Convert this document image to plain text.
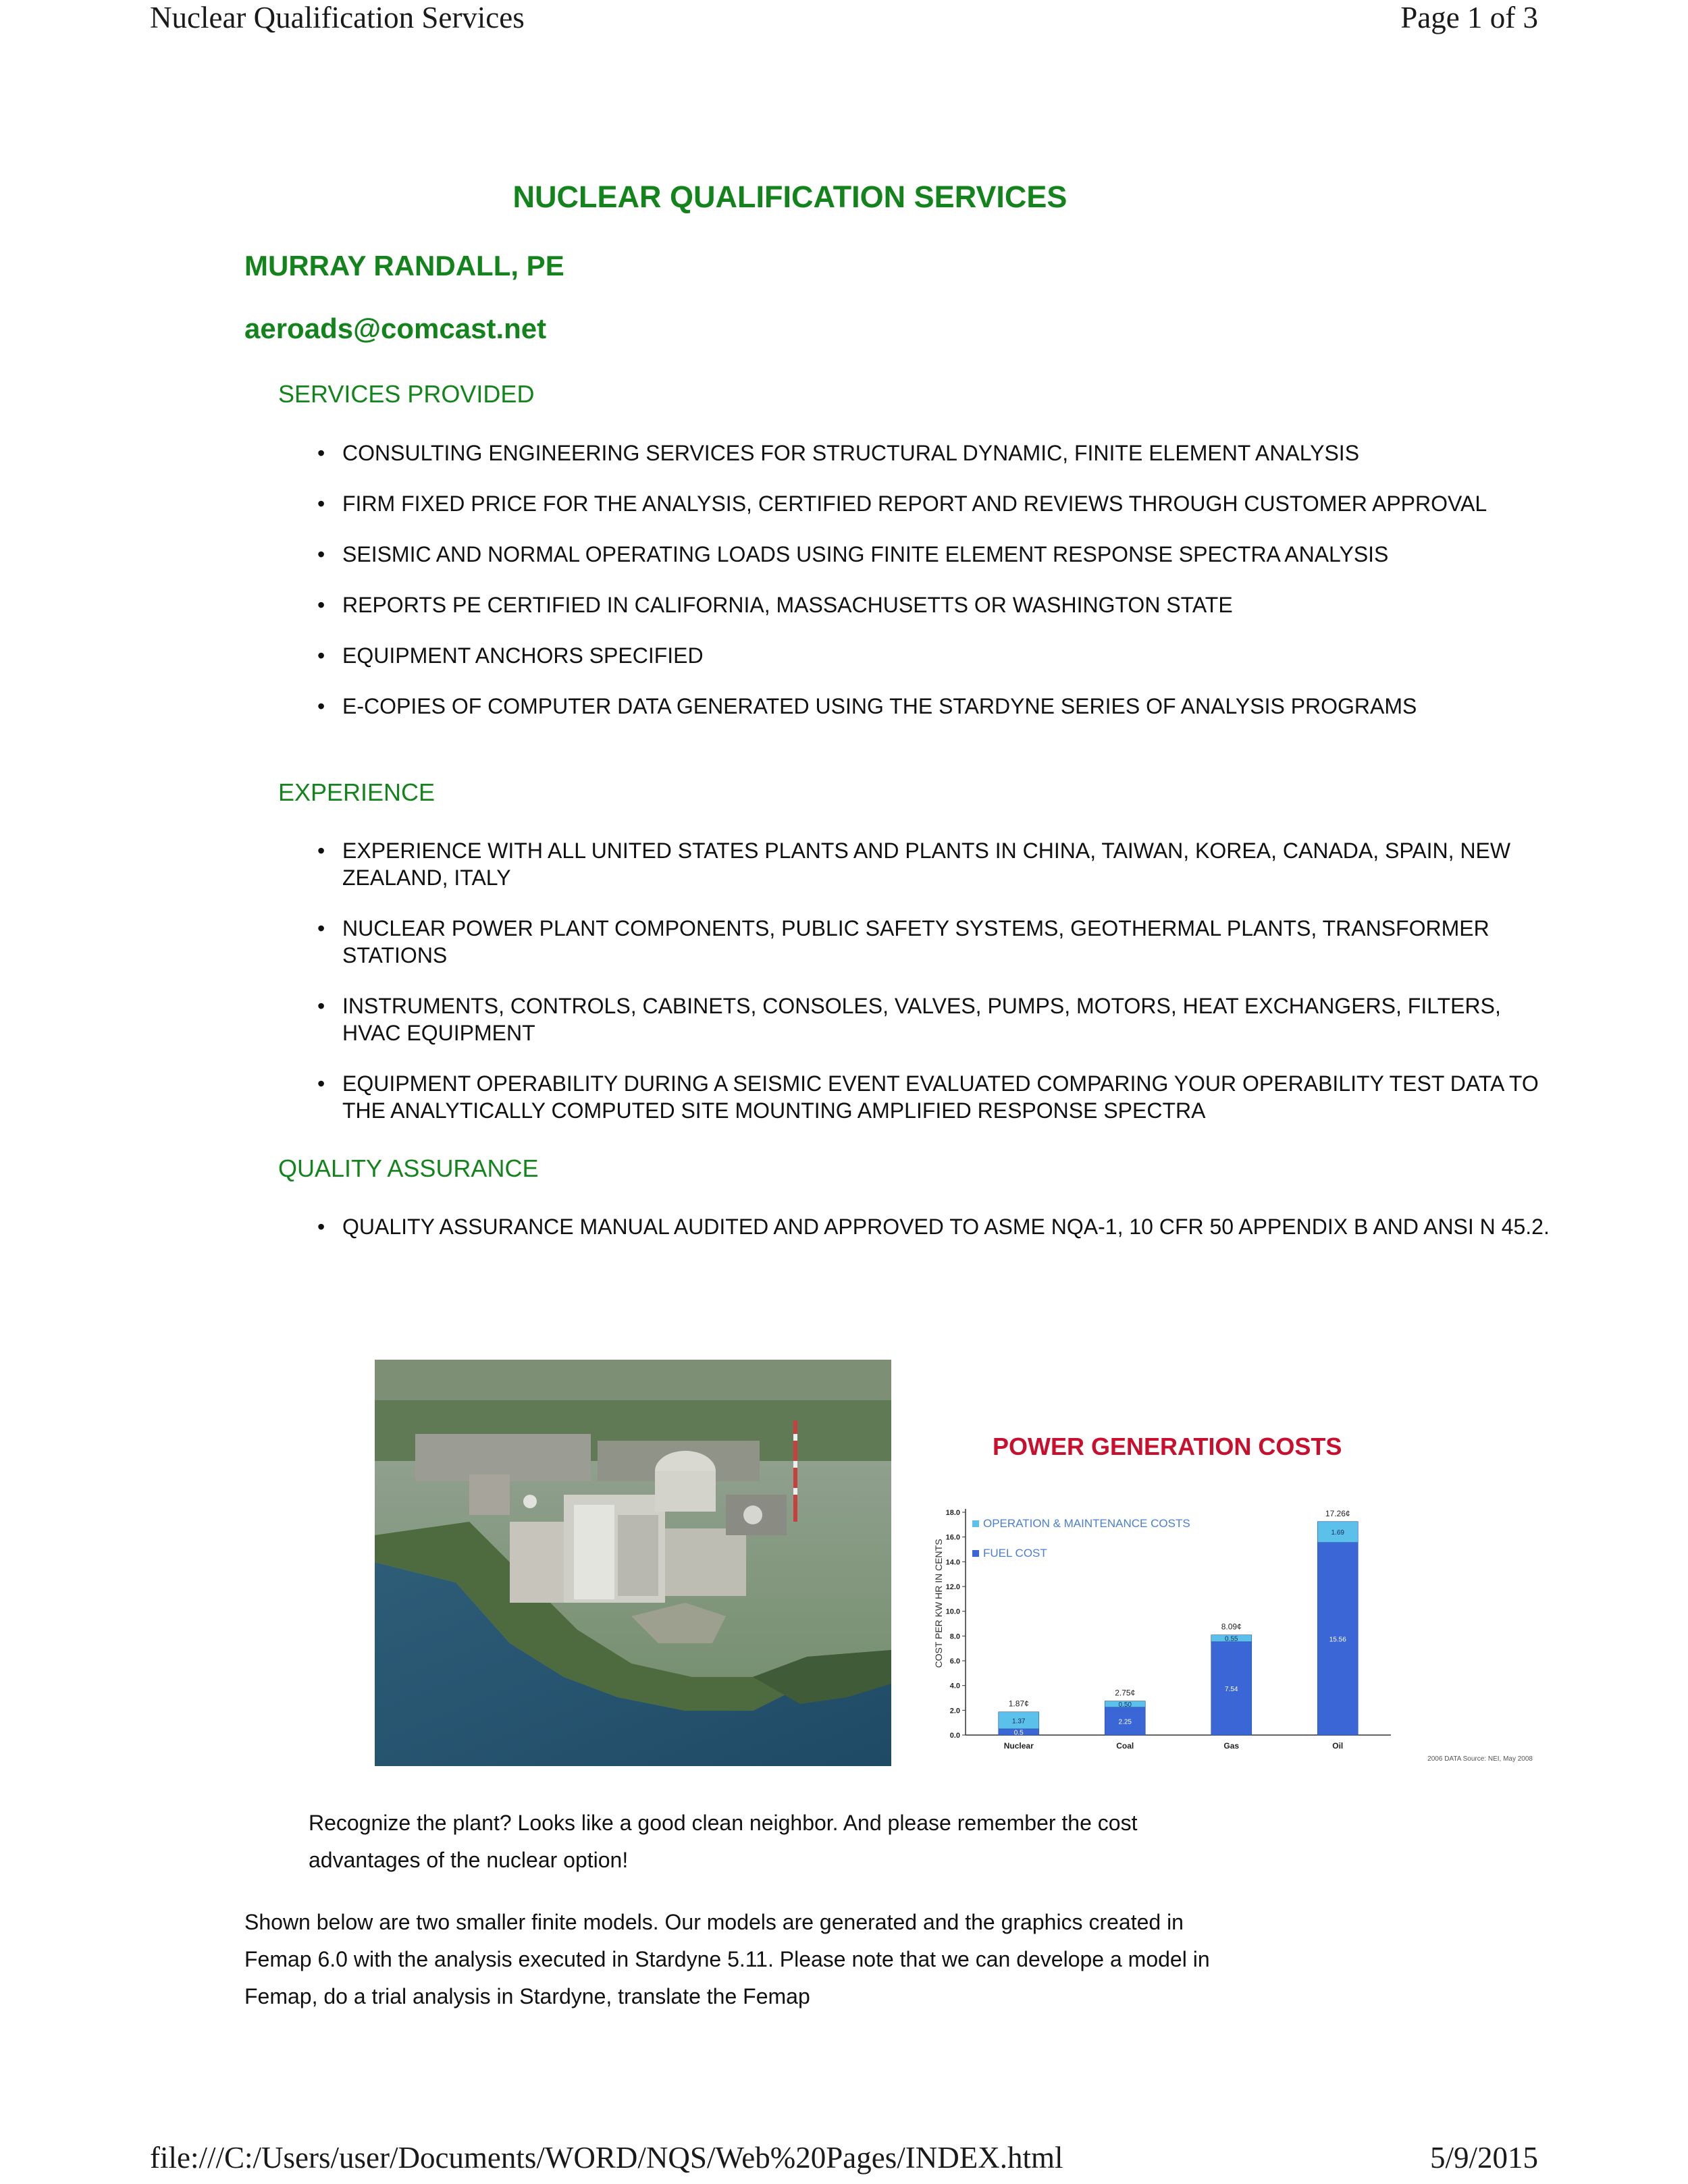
Nuclear Qualification Services	Page 1 of 3
NUCLEAR QUALIFICATION SERVICES
MURRAY RANDALL, PE
aeroads@comcast.net
SERVICES PROVIDED
• CONSULTING ENGINEERING SERVICES FOR STRUCTURAL DYNAMIC, FINITE ELEMENT ANALYSIS
• FIRM FIXED PRICE FOR THE ANALYSIS, CERTIFIED REPORT AND REVIEWS THROUGH CUSTOMER APPROVAL
• SEISMIC AND NORMAL OPERATING LOADS USING FINITE ELEMENT RESPONSE SPECTRA ANALYSIS
• REPORTS PE CERTIFIED IN CALIFORNIA, MASSACHUSETTS OR WASHINGTON STATE
• EQUIPMENT ANCHORS SPECIFIED
• E-COPIES OF COMPUTER DATA GENERATED USING THE STARDYNE SERIES OF ANALYSIS PROGRAMS
EXPERIENCE
• EXPERIENCE WITH ALL UNITED STATES PLANTS AND PLANTS IN CHINA, TAIWAN, KOREA, CANADA, SPAIN, NEW ZEALAND, ITALY
• NUCLEAR POWER PLANT COMPONENTS, PUBLIC SAFETY SYSTEMS, GEOTHERMAL PLANTS, TRANSFORMER STATIONS
• INSTRUMENTS, CONTROLS, CABINETS, CONSOLES, VALVES, PUMPS, MOTORS, HEAT EXCHANGERS, FILTERS, HVAC EQUIPMENT
• EQUIPMENT OPERABILITY DURING A SEISMIC EVENT EVALUATED COMPARING YOUR OPERABILITY TEST DATA TO THE ANALYTICALLY COMPUTED SITE MOUNTING AMPLIFIED RESPONSE SPECTRA
QUALITY ASSURANCE
• QUALITY ASSURANCE MANUAL AUDITED AND APPROVED TO ASME NQA-1, 10 CFR 50 APPENDIX B AND ANSI N 45.2.
POWER GENERATION COSTS
COST PER KW HR IN CENTS
2006 DATA Source: NEI, May 2008
0.0
2.0
4.0
6.0
8.0
10.0
12.0
14.0
16.0
18.0
0.5
1.37
1.87¢
Nuclear
2.25
0.50
2.75¢
Coal
7.54
0.55
8.09¢
Gas
15.56
1.69
17.26¢
Oil
OPERATION & MAINTENANCE COSTS
FUEL COST
Recognize the plant? Looks like a good clean neighbor. And please remember the cost advantages of the nuclear option!
Shown below are two smaller finite models. Our models are generated and the graphics created in Femap 6.0 with the analysis executed in Stardyne 5.11. Please note that we can develope a model in Femap, do a trial analysis in Stardyne, translate the Femap
file:///C:/Users/user/Documents/WORD/NQS/Web%20Pages/INDEX.html	5/9/2015
